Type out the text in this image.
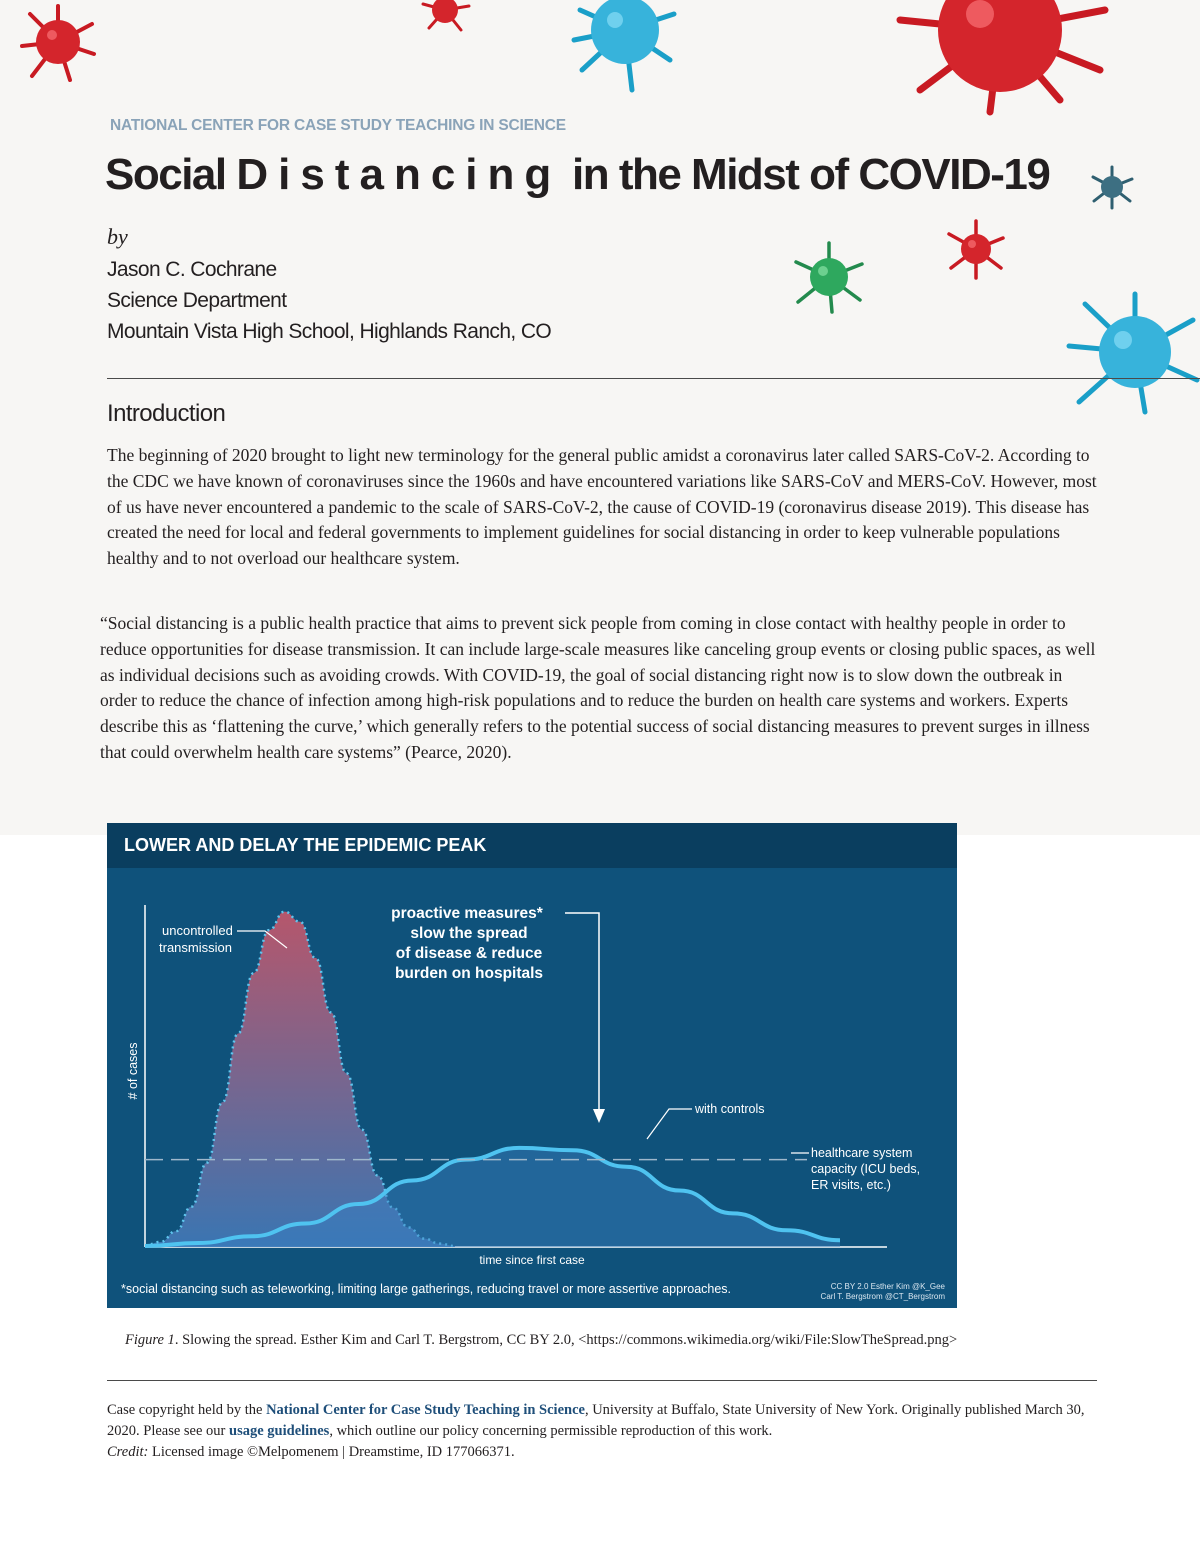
NATIONAL CENTER FOR CASE STUDY TEACHING IN SCIENCE
Social Distancing in the Midst of COVID-19
by
Jason C. Cochrane
Science Department
Mountain Vista High School, Highlands Ranch, CO
Introduction
The beginning of 2020 brought to light new terminology for the general public amidst a coronavirus later called SARS-CoV-2. According to the CDC we have known of coronaviruses since the 1960s and have encountered variations like SARS-CoV and MERS-CoV. However, most of us have never encountered a pandemic to the scale of SARS-CoV-2, the cause of COVID-19 (coronavirus disease 2019). This disease has created the need for local and federal governments to implement guidelines for social distancing in order to keep vulnerable populations healthy and to not overload our healthcare system.
“Social distancing is a public health practice that aims to prevent sick people from coming in close contact with healthy people in order to reduce opportunities for disease transmission. It can include large-scale measures like canceling group events or closing public spaces, as well as individual decisions such as avoiding crowds. With COVID-19, the goal of social distancing right now is to slow down the outbreak in order to reduce the chance of infection among high-risk populations and to reduce the burden on health care systems and workers. Experts describe this as ‘flattening the curve,’ which generally refers to the potential success of social distancing measures to prevent surges in illness that could overwhelm health care systems” (Pearce, 2020).
LOWER AND DELAY THE EPIDEMIC PEAK
uncontrolled
transmission
proactive measures*
slow the spread
of disease & reduce
burden on hospitals
with controls
healthcare system
capacity (ICU beds,
ER visits, etc.)
# of cases
time since first case
*social distancing such as teleworking, limiting large gatherings, reducing travel or more assertive approaches.	CC BY 2.0 Esther Kim @K_Gee
Carl T. Bergstrom @CT_Bergstrom
Figure 1. Slowing the spread. Esther Kim and Carl T. Bergstrom, CC BY 2.0, <https://commons.wikimedia.org/wiki/File:SlowTheSpread.png>
Case copyright held by the National Center for Case Study Teaching in Science, University at Buffalo, State University of New York. Originally published March 30, 2020. Please see our usage guidelines, which outline our policy concerning permissible reproduction of this work.
Credit: Licensed image ©Melpomenem | Dreamstime, ID 177066371.
